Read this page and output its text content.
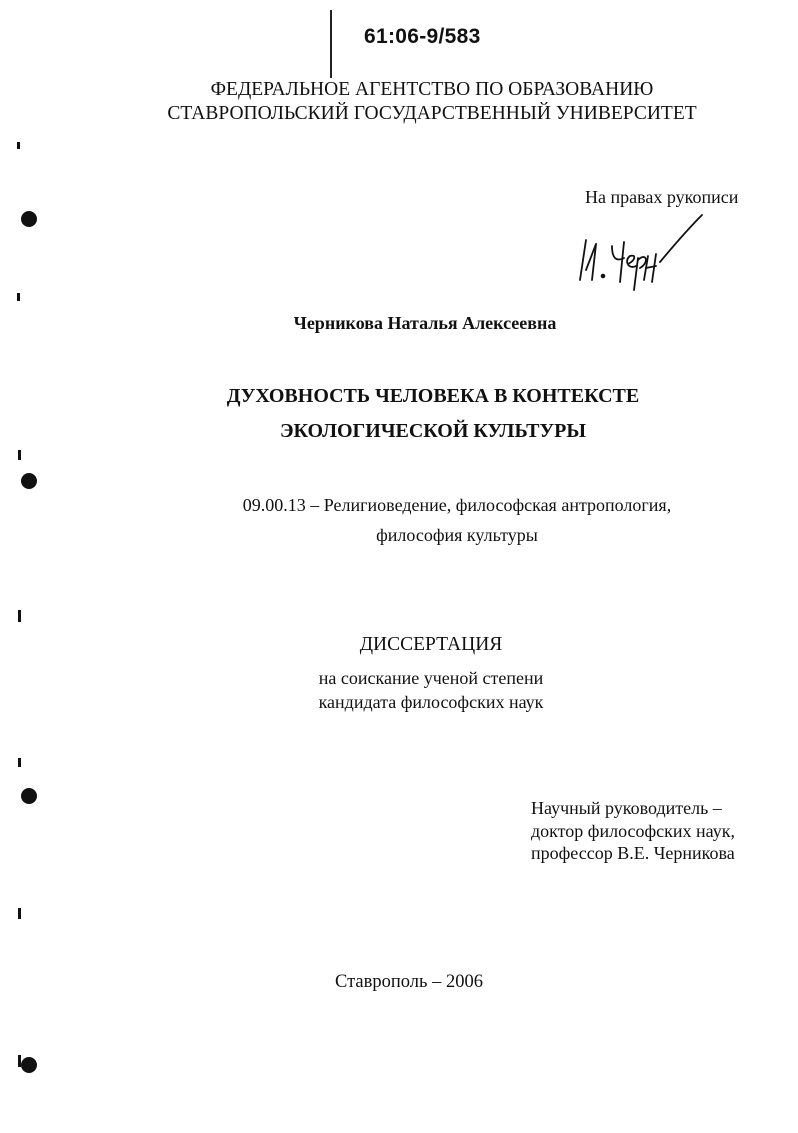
61:06-9/583
ФЕДЕРАЛЬНОЕ АГЕНТСТВО ПО ОБРАЗОВАНИЮ
СТАВРОПОЛЬСКИЙ ГОСУДАРСТВЕННЫЙ УНИВЕРСИТЕТ
На правах рукописи
Черникова Наталья Алексеевна
ДУХОВНОСТЬ ЧЕЛОВЕКА В КОНТЕКСТЕ
ЭКОЛОГИЧЕСКОЙ КУЛЬТУРЫ
09.00.13 – Религиоведение, философская антропология,
философия культуры
ДИССЕРТАЦИЯ
на соискание ученой степени
кандидата философских наук
Научный руководитель –
доктор философских наук,
профессор В.Е. Черникова
Ставрополь – 2006
